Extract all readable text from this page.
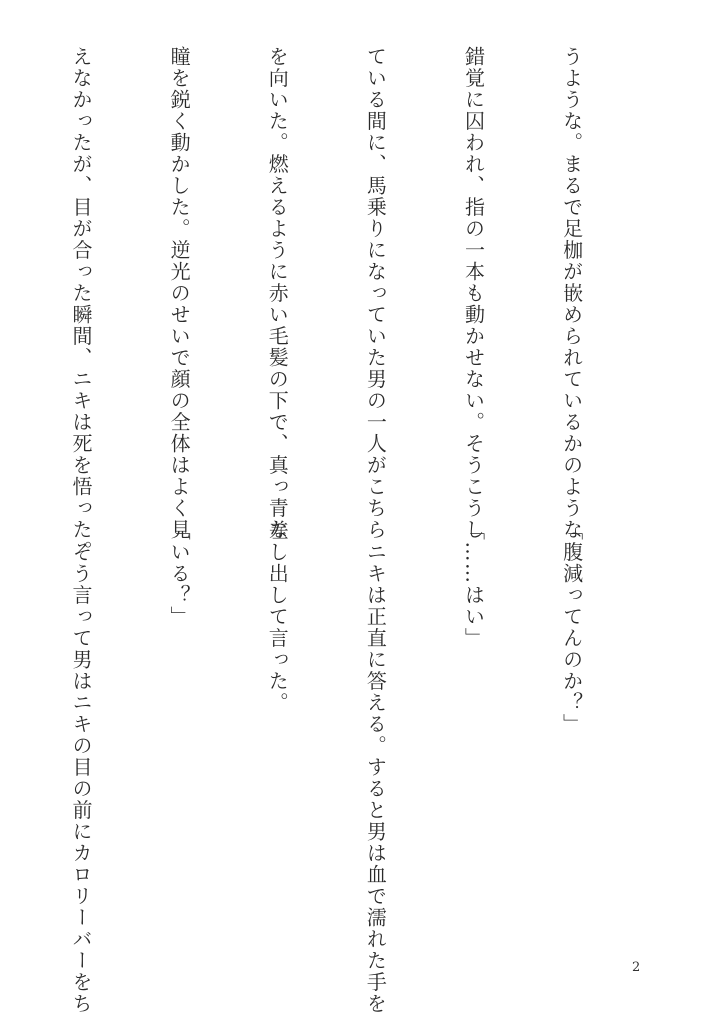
うような。まるで足枷が嵌められているかのような

錯覚に囚われ、指の一本も動かせない。そうこうし

ている間に、馬乗りになっていた男の一人がこちら

を向いた。燃えるように赤い毛髪の下で、真っ青な

瞳を鋭く動かした。逆光のせいで顔の全体はよく見

えなかったが、目が合った瞬間、ニキは死を悟った。

「腹減ってんのか？」

「……はい」

　ニキは正直に答える。すると男は血で濡れた手を

差し出して言った。

「いる？」

　そう言って男はニキの目の前にカロリーバーをち

	2
